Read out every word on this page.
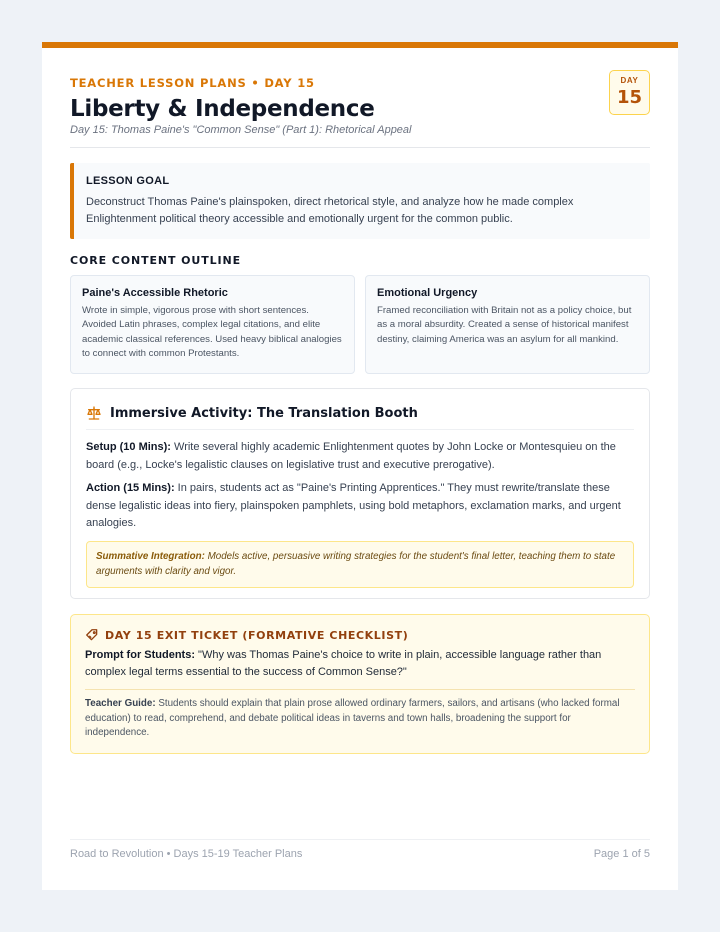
TEACHER LESSON PLANS • DAY 15
Liberty & Independence
Day 15: Thomas Paine's "Common Sense" (Part 1): Rhetorical Appeal
DAY
15
LESSON GOAL
Deconstruct Thomas Paine's plainspoken, direct rhetorical style, and analyze how he made complex Enlightenment political theory accessible and emotionally urgent for the common public.
CORE CONTENT OUTLINE
Paine's Accessible Rhetoric
Wrote in simple, vigorous prose with short sentences. Avoided Latin phrases, complex legal citations, and elite academic classical references. Used heavy biblical analogies to connect with common Protestants.
Emotional Urgency
Framed reconciliation with Britain not as a policy choice, but as a moral absurdity. Created a sense of historical manifest destiny, claiming America was an asylum for all mankind.
Immersive Activity: The Translation Booth
Setup (10 Mins): Write several highly academic Enlightenment quotes by John Locke or Montesquieu on the board (e.g., Locke's legalistic clauses on legislative trust and executive prerogative).
Action (15 Mins): In pairs, students act as "Paine's Printing Apprentices." They must rewrite/translate these dense legalistic ideas into fiery, plainspoken pamphlets, using bold metaphors, exclamation marks, and urgent analogies.
Summative Integration: Models active, persuasive writing strategies for the student's final letter, teaching them to state arguments with clarity and vigor.
DAY 15 EXIT TICKET (FORMATIVE CHECKLIST)
Prompt for Students: "Why was Thomas Paine's choice to write in plain, accessible language rather than complex legal terms essential to the success of Common Sense?"
Teacher Guide: Students should explain that plain prose allowed ordinary farmers, sailors, and artisans (who lacked formal education) to read, comprehend, and debate political ideas in taverns and town halls, broadening the support for independence.
Road to Revolution • Days 15-19 Teacher Plans	Page 1 of 5
